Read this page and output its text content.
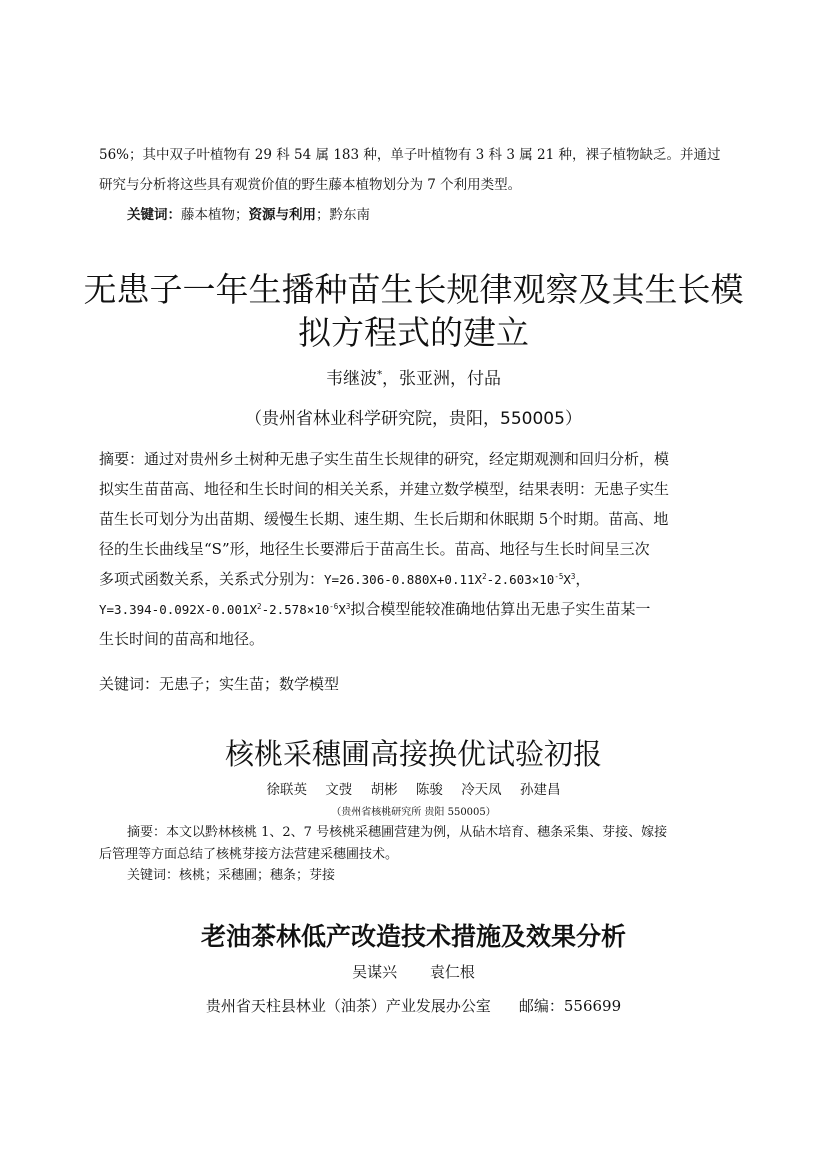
56%；其中双子叶植物有 29 科 54 属 183 种，单子叶植物有 3 科 3 属 21 种，裸子植物缺乏。并通过
研究与分析将这些具有观赏价值的野生藤本植物划分为 7 个利用类型。
关键词：藤本植物；资源与利用；黔东南
无患子一年生播种苗生长规律观察及其生长模
拟方程式的建立
韦继波*，张亚洲，付品
（贵州省林业科学研究院，贵阳，550005）
摘要：通过对贵州乡土树种无患子实生苗生长规律的研究，经定期观测和回归分析，模
拟实生苗苗高、地径和生长时间的相关关系，并建立数学模型，结果表明：无患子实生
苗生长可划分为出苗期、缓慢生长期、速生期、生长后期和休眠期 5个时期。苗高、地
径的生长曲线呈“S”形，地径生长要滞后于苗高生长。苗高、地径与生长时间呈三次
多项式函数关系，关系式分别为：$Y=26.306-0.880X+0.11X^2-2.603\times 10^{-5}X^3$，
$Y=3.394-0.092X-0.001X^2-2.578\times 10^{-6}X^3$拟合模型能较准确地估算出无患子实生苗某一
生长时间的苗高和地径。
关键词：无患子；实生苗；数学模型
核桃采穗圃高接换优试验初报
徐联英 文弢 胡彬 陈骏 冷天凤 孙建昌
（贵州省核桃研究所 贵阳 550005）
摘要：本文以黔林核桃 1、2、7 号核桃采穗圃营建为例，从砧木培育、穗条采集、芽接、嫁接
后管理等方面总结了核桃芽接方法营建采穗圃技术。
关键词：核桃；采穗圃；穗条；芽接
老油茶林低产改造技术措施及效果分析
吴谋兴 袁仁根
贵州省天柱县林业（油茶）产业发展办公室 邮编：556699
